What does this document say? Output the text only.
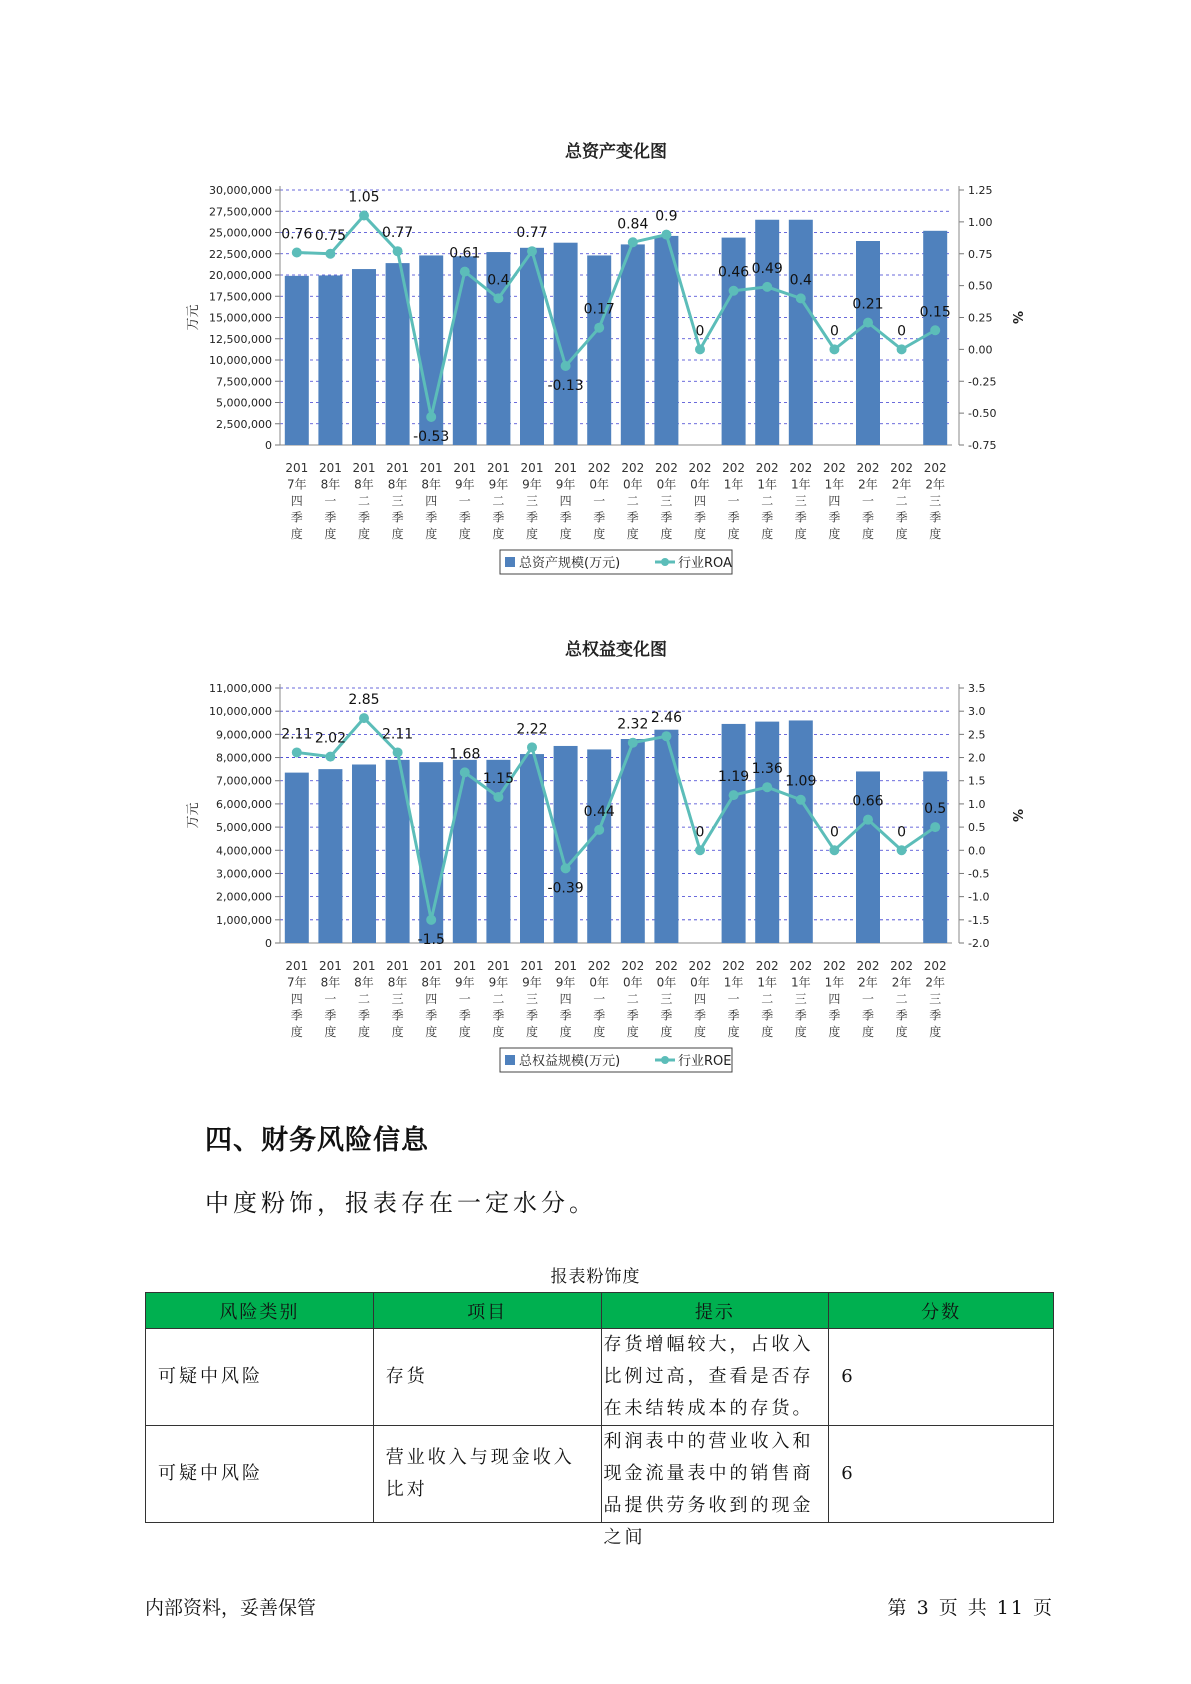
总资产变化图
30,000,000
27,500,000
25,000,000
22,500,000
20,000,000
17,500,000
15,000,000
12,500,000
10,000,000
7,500,000
5,000,000
2,500,000
0
1.25
1.00
0.75
0.50
0.25
0.00
-0.25
-0.50
-0.75
万元	%
0.76 0.75
1.05
0.77
-0.53
0.61
0.4
0.77
-0.13
0.17
0.84 0.9
0
0.46 0.49
0.4
0
0.21
0
0.15
201
7年
四
季
度
201
8年
一
季
度
201
8年
二
季
度
201
8年
三
季
度
201
8年
四
季
度
201
9年
一
季
度
201
9年
二
季
度
201
9年
三
季
度
201
9年
四
季
度
202
0年
一
季
度
202
0年
二
季
度
202
0年
三
季
度
202
0年
四
季
度
202
1年
一
季
度
202
1年
二
季
度
202
1年
三
季
度
202
1年
四
季
度
202
2年
一
季
度
202
2年
二
季
度
202
2年
三
季
度
总资产规模(万元)	行业ROA
总权益变化图
11,000,000
10,000,000
9,000,000
8,000,000
7,000,000
6,000,000
5,000,000
4,000,000
3,000,000
2,000,000
1,000,000
0
3.5
3.0
2.5
2.0
1.5
1.0
0.5
0.0
-0.5
-1.0
-1.5
-2.0
万元	%
2.11 2.02
2.85
2.11
-1.5
1.68
1.15
2.22
-0.39
0.44
2.32 2.46
0
1.19 1.36
1.09
0
0.66
0
0.5
201
7年
四
季
度
201
8年
一
季
度
201
8年
二
季
度
201
8年
三
季
度
201
8年
四
季
度
201
9年
一
季
度
201
9年
二
季
度
201
9年
三
季
度
201
9年
四
季
度
202
0年
一
季
度
202
0年
二
季
度
202
0年
三
季
度
202
0年
四
季
度
202
1年
一
季
度
202
1年
二
季
度
202
1年
三
季
度
202
1年
四
季
度
202
2年
一
季
度
202
2年
二
季
度
202
2年
三
季
度
总权益规模(万元)	行业ROE
四、财务风险信息
中度粉饰，报表存在一定水分。
报表粉饰度
风险类别	项目	提示	分数
可疑中风险	存货	存货增幅较大，占收入比例过高，查看是否存在未结转成本的存货。	6
可疑中风险	营业收入与现金收入比对	利润表中的营业收入和现金流量表中的销售商品提供劳务收到的现金之间	6
内部资料，妥善保管	第 3 页 共 11 页
